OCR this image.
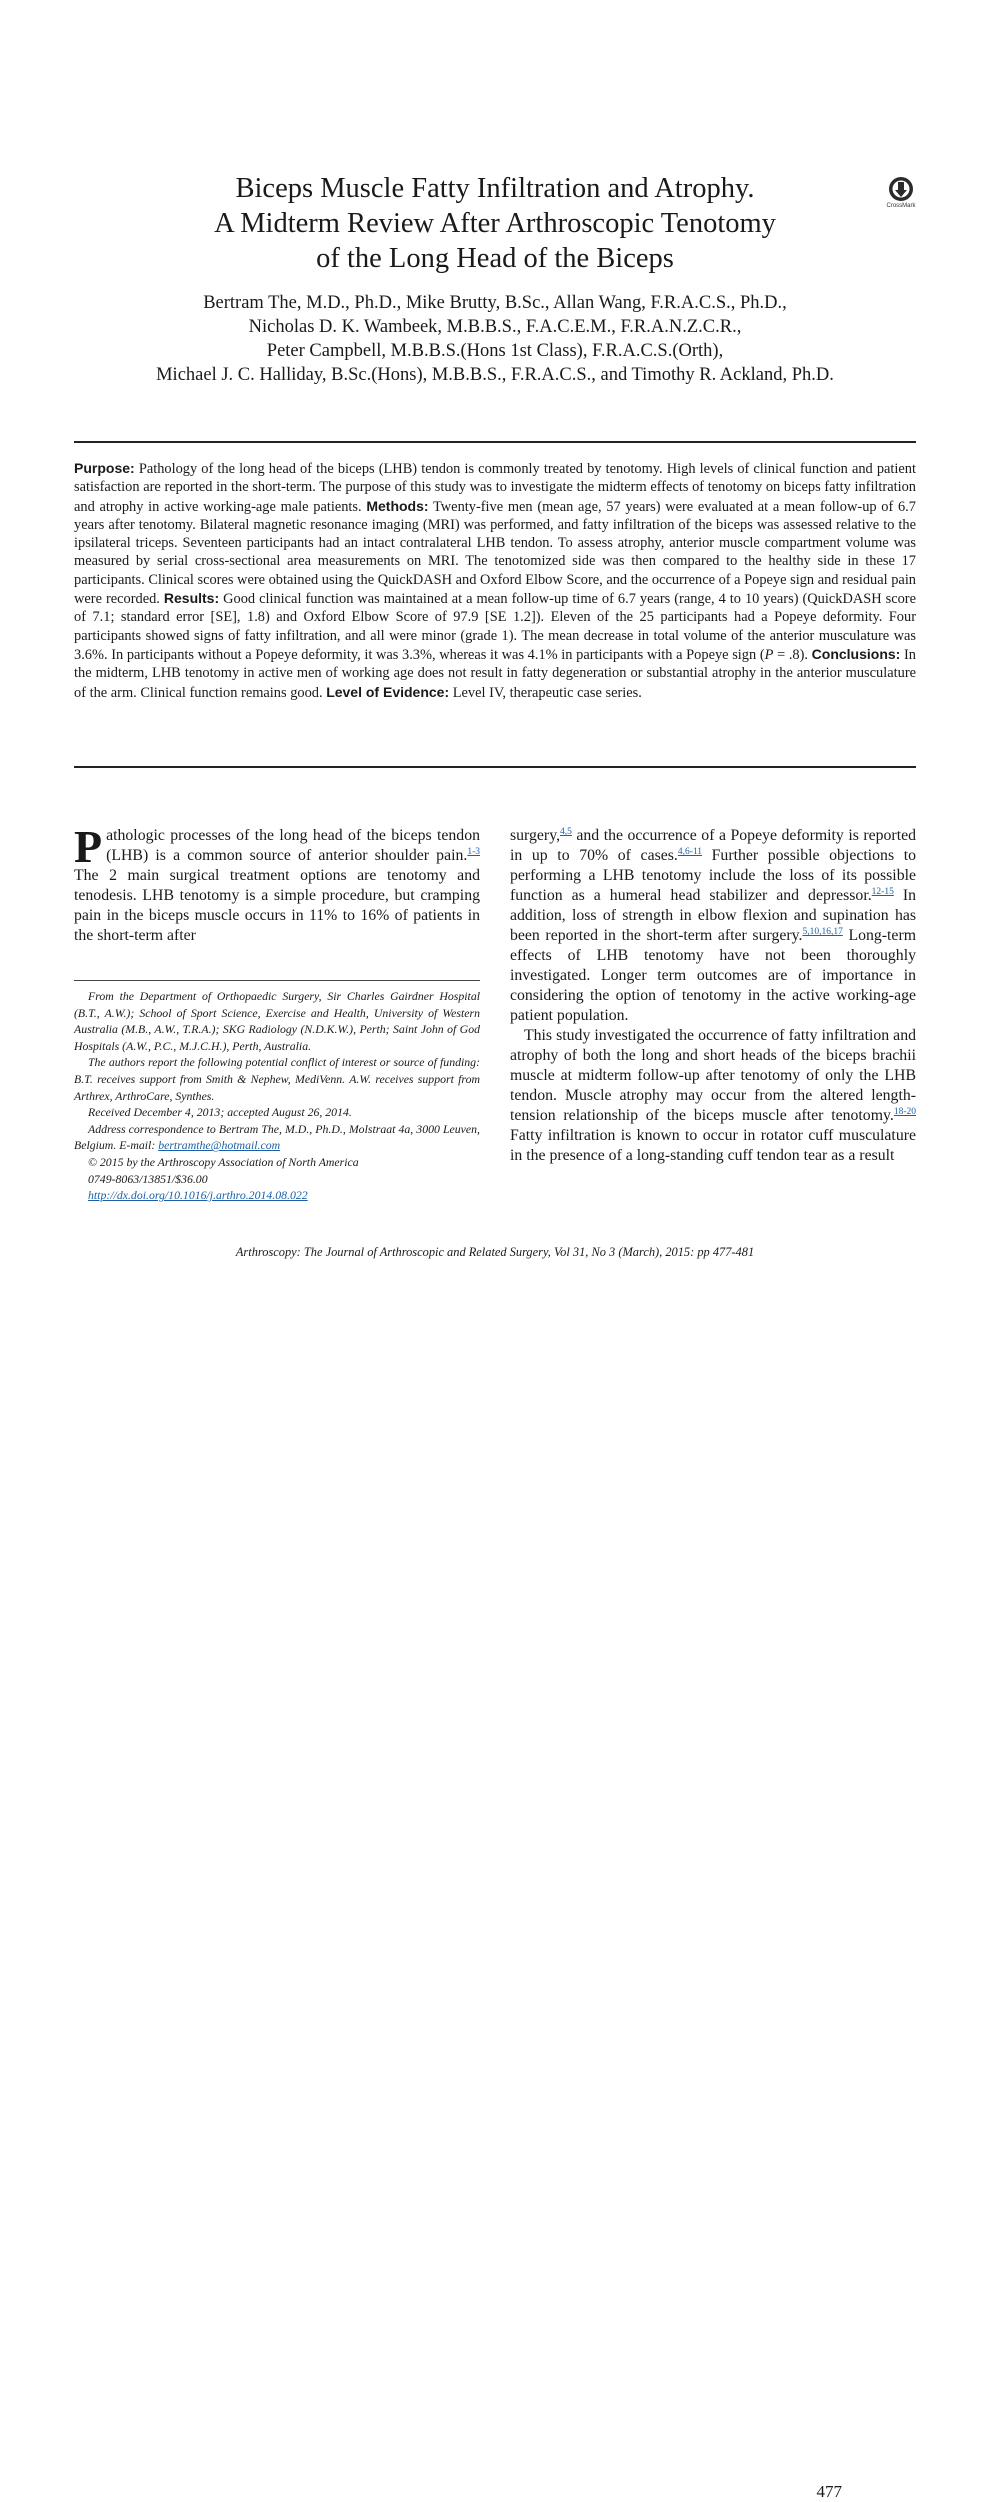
Biceps Muscle Fatty Infiltration and Atrophy.
A Midterm Review After Arthroscopic Tenotomy
of the Long Head of the Biceps
CrossMark
Bertram The, M.D., Ph.D., Mike Brutty, B.Sc., Allan Wang, F.R.A.C.S., Ph.D.,
Nicholas D. K. Wambeek, M.B.B.S., F.A.C.E.M., F.R.A.N.Z.C.R.,
Peter Campbell, M.B.B.S.(Hons 1st Class), F.R.A.C.S.(Orth),
Michael J. C. Halliday, B.Sc.(Hons), M.B.B.S., F.R.A.C.S., and Timothy R. Ackland, Ph.D.

Purpose: Pathology of the long head of the biceps (LHB) tendon is commonly treated by tenotomy. High levels of clinical function and patient satisfaction are reported in the short-term. The purpose of this study was to investigate the midterm effects of tenotomy on biceps fatty infiltration and atrophy in active working-age male patients. Methods: Twenty-five men (mean age, 57 years) were evaluated at a mean follow-up of 6.7 years after tenotomy. Bilateral magnetic resonance imaging (MRI) was performed, and fatty infiltration of the biceps was assessed relative to the ipsilateral triceps. Seventeen participants had an intact contralateral LHB tendon. To assess atrophy, anterior muscle compartment volume was measured by serial cross-sectional area measurements on MRI. The tenotomized side was then compared to the healthy side in these 17 participants. Clinical scores were obtained using the QuickDASH and Oxford Elbow Score, and the occurrence of a Popeye sign and residual pain were recorded. Results: Good clinical function was maintained at a mean follow-up time of 6.7 years (range, 4 to 10 years) (QuickDASH score of 7.1; standard error [SE], 1.8) and Oxford Elbow Score of 97.9 [SE 1.2]). Eleven of the 25 participants had a Popeye deformity. Four participants showed signs of fatty infiltration, and all were minor (grade 1). The mean decrease in total volume of the anterior musculature was 3.6%. In participants without a Popeye deformity, it was 3.3%, whereas it was 4.1% in participants with a Popeye sign (P = .8). Conclusions: In the midterm, LHB tenotomy in active men of working age does not result in fatty degeneration or substantial atrophy in the anterior musculature of the arm. Clinical function remains good. Level of Evidence: Level IV, therapeutic case series.

Pathologic processes of the long head of the biceps tendon (LHB) is a common source of anterior shoulder pain.$^{1-3}$ The 2 main surgical treatment options are tenotomy and tenodesis. LHB tenotomy is a simple procedure, but cramping pain in the biceps muscle occurs in 11% to 16% of patients in the short-term after

From the Department of Orthopaedic Surgery, Sir Charles Gairdner Hospital (B.T., A.W.); School of Sport Science, Exercise and Health, University of Western Australia (M.B., A.W., T.R.A.); SKG Radiology (N.D.K.W.), Perth; Saint John of God Hospitals (A.W., P.C., M.J.C.H.), Perth, Australia.

The authors report the following potential conflict of interest or source of funding: B.T. receives support from Smith & Nephew, MediVenn. A.W. receives support from Arthrex, ArthroCare, Synthes.

Received December 4, 2013; accepted August 26, 2014.

Address correspondence to Bertram The, M.D., Ph.D., Molstraat 4a, 3000 Leuven, Belgium. E-mail: bertramthe@hotmail.com

© 2015 by the Arthroscopy Association of North America

0749-8063/13851/$36.00

http://dx.doi.org/10.1016/j.arthro.2014.08.022

surgery,$^{4,5}$ and the occurrence of a Popeye deformity is reported in up to 70% of cases.$^{4,6-11}$ Further possible objections to performing a LHB tenotomy include the loss of its possible function as a humeral head stabilizer and depressor.$^{12-15}$ In addition, loss of strength in elbow flexion and supination has been reported in the short-term after surgery.$^{5,10,16,17}$ Long-term effects of LHB tenotomy have not been thoroughly investigated. Longer term outcomes are of importance in considering the option of tenotomy in the active working-age patient population.

This study investigated the occurrence of fatty infiltration and atrophy of both the long and short heads of the biceps brachii muscle at midterm follow-up after tenotomy of only the LHB tendon. Muscle atrophy may occur from the altered length-tension relationship of the biceps muscle after tenotomy.$^{18-20}$ Fatty infiltration is known to occur in rotator cuff musculature in the presence of a long-standing cuff tendon tear as a result

Arthroscopy: The Journal of Arthroscopic and Related Surgery, Vol 31, No 3 (March), 2015: pp 477-481
477
